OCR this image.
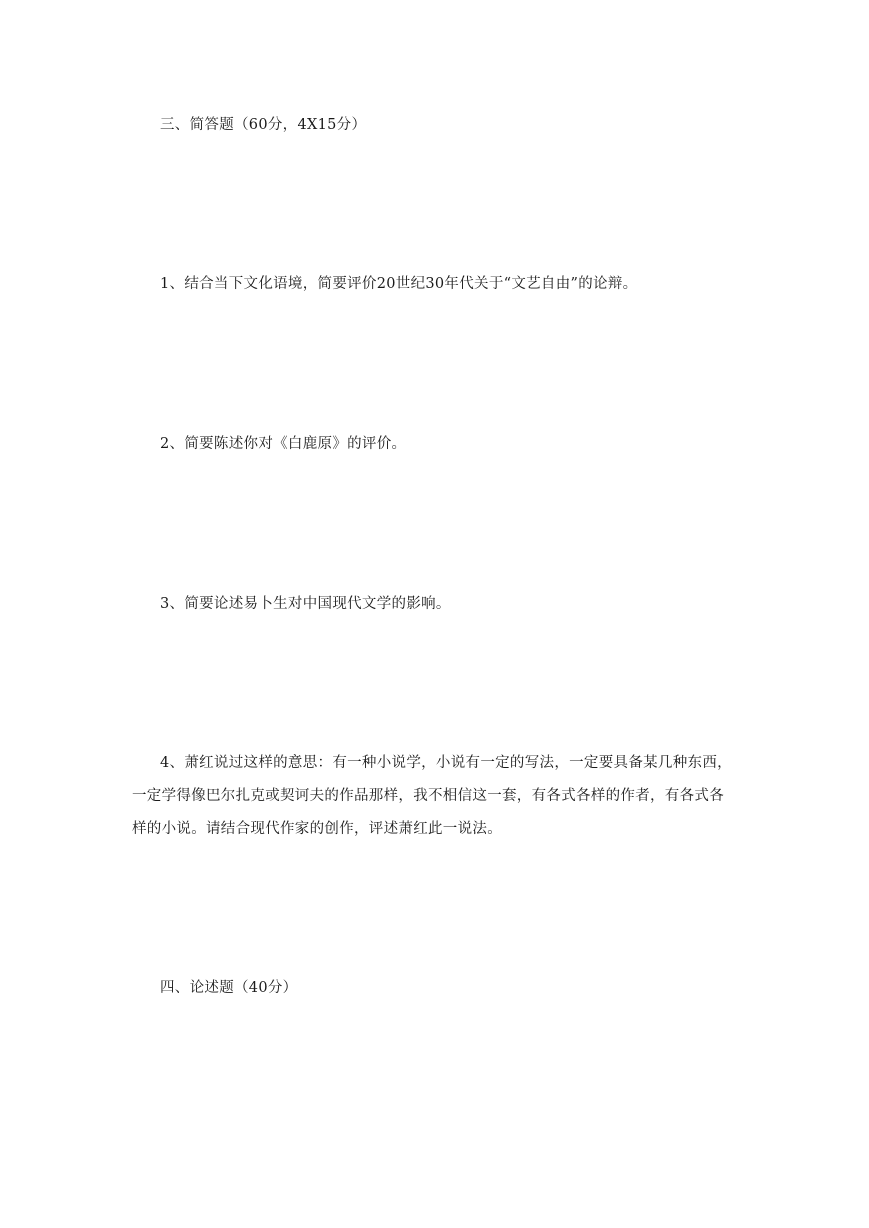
三、简答题（60分，4X15分）
1、结合当下文化语境，简要评价20世纪30年代关于“文艺自由”的论辩。
2、简要陈述你对《白鹿原》的评价。
3、简要论述易卜生对中国现代文学的影响。
4、萧红说过这样的意思：有一种小说学，小说有一定的写法，一定要具备某几种东西，
一定学得像巴尔扎克或契诃夫的作品那样，我不相信这一套，有各式各样的作者，有各式各
样的小说。请结合现代作家的创作，评述萧红此一说法。
四、论述题（40分）
